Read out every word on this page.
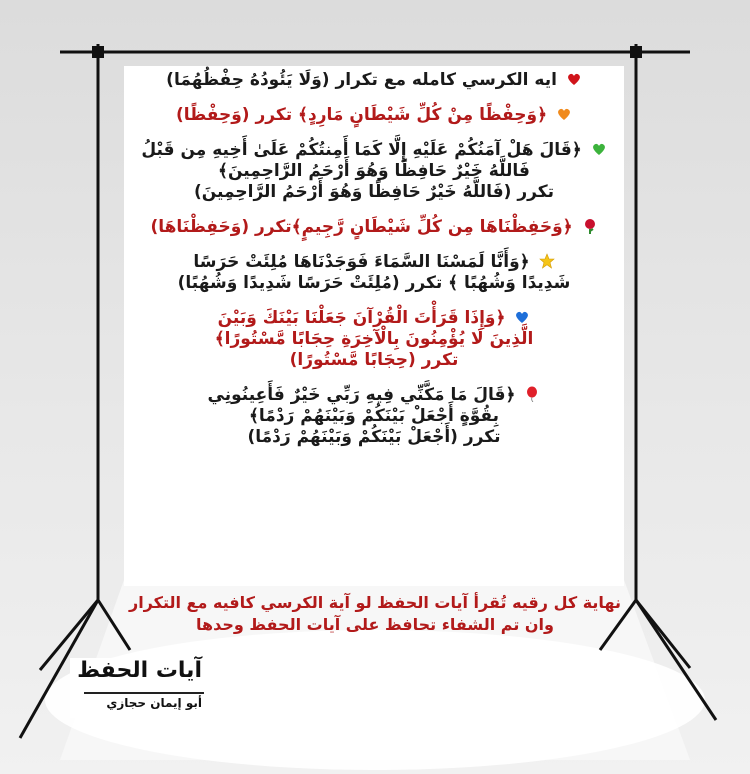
ايه الكرسي كامله مع تكرار (وَلَا يَئُودُهُ حِفْظُهُمَا)

﴿وَحِفْظًا مِنْ كُلِّ شَيْطَانٍ مَارِدٍ﴾ تكرر (وَحِفْظًا)

﴿قَالَ هَلْ آمَنُكُمْ عَلَيْهِ إِلَّا كَمَا أَمِنتُكُمْ عَلَىٰ أَخِيهِ مِن قَبْلُ
فَاللَّهُ خَيْرٌ حَافِظًا وَهُوَ أَرْحَمُ الرَّاحِمِينَ﴾
تكرر (فَاللَّهُ خَيْرٌ حَافِظًا وَهُوَ أَرْحَمُ الرَّاحِمِينَ)

﴿وَحَفِظْنَاهَا مِن كُلِّ شَيْطَانٍ رَّجِيمٍ﴾تكرر (وَحَفِظْنَاهَا)

﴿وَأَنَّا لَمَسْنَا السَّمَاءَ فَوَجَدْنَاهَا مُلِئَتْ حَرَسًا
شَدِيدًا وَشُهُبًا ﴾ تكرر (مُلِئَتْ حَرَسًا شَدِيدًا وَشُهُبًا)

﴿وَإِذَا قَرَأْتَ الْقُرْآنَ جَعَلْنَا بَيْنَكَ وَبَيْنَ
الَّذِينَ لَا يُؤْمِنُونَ بِالْآخِرَةِ حِجَابًا مَّسْتُورًا﴾
تكرر (حِجَابًا مَّسْتُورًا)

﴿قَالَ مَا مَكَّنِّي فِيهِ رَبِّي خَيْرٌ فَأَعِينُونِي
بِقُوَّةٍ أَجْعَلْ بَيْنَكُمْ وَبَيْنَهُمْ رَدْمًا﴾
تكرر (أَجْعَلْ بَيْنَكُمْ وَبَيْنَهُمْ رَدْمًا)

نهاية كل رقيه تُقرأ آيات الحفظ لو آية الكرسي كافيه مع التكرار
وان تم الشفاء تحافظ على آيات الحفظ وحدها
آيات الحفظ
أبو إيمان حجازي
